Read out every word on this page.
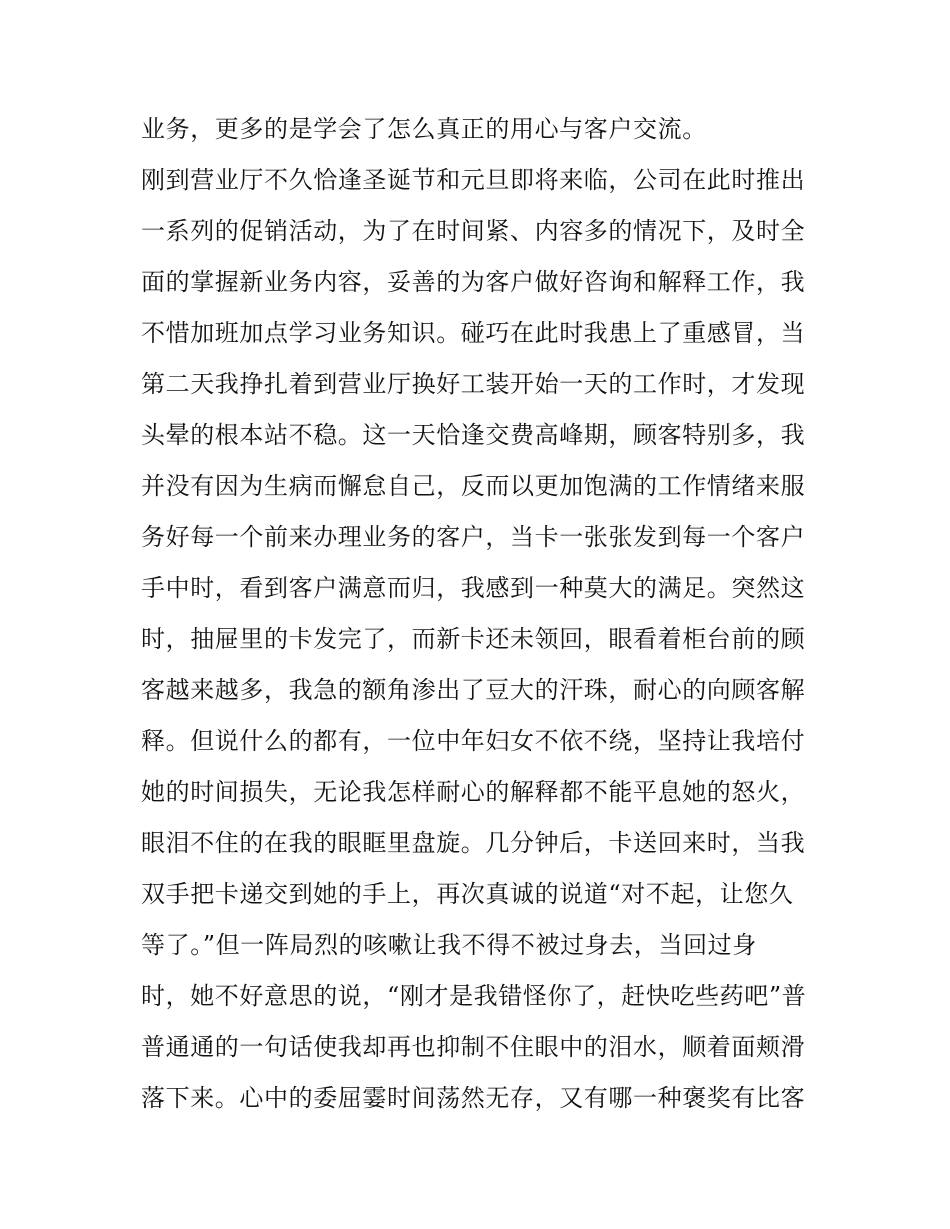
业务，更多的是学会了怎么真正的用心与客户交流。
刚到营业厅不久恰逢圣诞节和元旦即将来临，公司在此时推出
一系列的促销活动，为了在时间紧、内容多的情况下，及时全
面的掌握新业务内容，妥善的为客户做好咨询和解释工作，我
不惜加班加点学习业务知识。碰巧在此时我患上了重感冒，当
第二天我挣扎着到营业厅换好工装开始一天的工作时，才发现
头晕的根本站不稳。这一天恰逢交费高峰期，顾客特别多，我
并没有因为生病而懈怠自己，反而以更加饱满的工作情绪来服
务好每一个前来办理业务的客户，当卡一张张发到每一个客户
手中时，看到客户满意而归，我感到一种莫大的满足。突然这
时，抽屉里的卡发完了，而新卡还未领回，眼看着柜台前的顾
客越来越多，我急的额角渗出了豆大的汗珠，耐心的向顾客解
释。但说什么的都有，一位中年妇女不依不绕，坚持让我培付
她的时间损失，无论我怎样耐心的解释都不能平息她的怒火，
眼泪不住的在我的眼眶里盘旋。几分钟后，卡送回来时，当我
双手把卡递交到她的手上，再次真诚的说道“对不起，让您久
等了。”但一阵局烈的咳嗽让我不得不被过身去，当回过身
时，她不好意思的说，“刚才是我错怪你了，赶快吃些药吧”普
普通通的一句话使我却再也抑制不住眼中的泪水，顺着面颊滑
落下来。心中的委屈霎时间荡然无存，又有哪一种褒奖有比客
